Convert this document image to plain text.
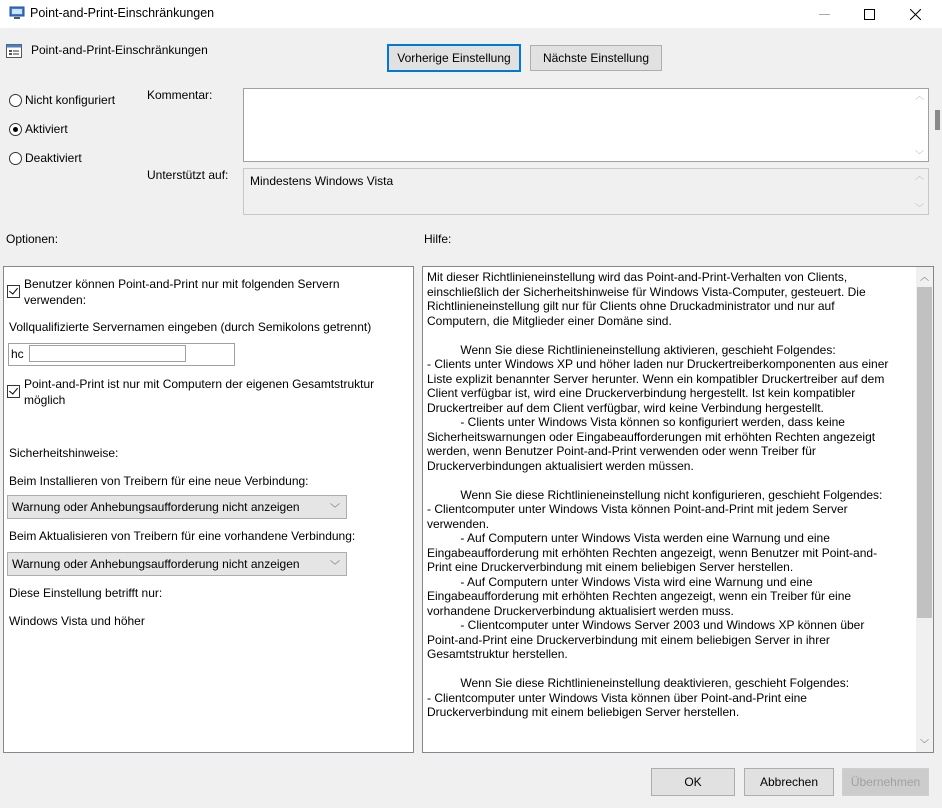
Point-and-Print-Einschränkungen
Point-and-Print-Einschränkungen
Vorherige Einstellung	Nächste Einstellung
Nicht konfiguriert
Aktiviert
Deaktiviert
Kommentar:	︿
﹀
Unterstützt auf:	Mindestens Windows Vista	︿
﹀
Optionen:	Hilfe:
Benutzer können Point-and-Print nur mit folgenden Servern verwenden:
Vollqualifizierte Servernamen eingeben (durch Semikolons getrennt)
hc
Point-and-Print ist nur mit Computern der eigenen Gesamtstruktur möglich
Sicherheitshinweise:
Beim Installieren von Treibern für eine neue Verbindung:
Warnung oder Anhebungsaufforderung nicht anzeigen	﹀
Beim Aktualisieren von Treibern für eine vorhandene Verbindung:
Warnung oder Anhebungsaufforderung nicht anzeigen	﹀
Diese Einstellung betrifft nur:
Windows Vista und höher
Mit dieser Richtlinieneinstellung wird das Point-and-Print-Verhalten von Clients,
einschließlich der Sicherheitshinweise für Windows Vista-Computer, gesteuert. Die
Richtlinieneinstellung gilt nur für Clients ohne Druckadministrator und nur auf
Computern, die Mitglieder einer Domäne sind.

Wenn Sie diese Richtlinieneinstellung aktivieren, geschieht Folgendes:
- Clients unter Windows XP und höher laden nur Druckertreiberkomponenten aus einer
Liste explizit benannter Server herunter. Wenn ein kompatibler Druckertreiber auf dem
Client verfügbar ist, wird eine Druckerverbindung hergestellt. Ist kein kompatibler
Druckertreiber auf dem Client verfügbar, wird keine Verbindung hergestellt.
- Clients unter Windows Vista können so konfiguriert werden, dass keine
Sicherheitswarnungen oder Eingabeaufforderungen mit erhöhten Rechten angezeigt
werden, wenn Benutzer Point-and-Print verwenden oder wenn Treiber für
Druckerverbindungen aktualisiert werden müssen.

Wenn Sie diese Richtlinieneinstellung nicht konfigurieren, geschieht Folgendes:
- Clientcomputer unter Windows Vista können Point-and-Print mit jedem Server
verwenden.
- Auf Computern unter Windows Vista werden eine Warnung und eine
Eingabeaufforderung mit erhöhten Rechten angezeigt, wenn Benutzer mit Point-and-
Print eine Druckerverbindung mit einem beliebigen Server herstellen.
- Auf Computern unter Windows Vista wird eine Warnung und eine
Eingabeaufforderung mit erhöhten Rechten angezeigt, wenn ein Treiber für eine
vorhandene Druckerverbindung aktualisiert werden muss.
- Clientcomputer unter Windows Server 2003 und Windows XP können über
Point-and-Print eine Druckerverbindung mit einem beliebigen Server in ihrer
Gesamtstruktur herstellen.

Wenn Sie diese Richtlinieneinstellung deaktivieren, geschieht Folgendes:
- Clientcomputer unter Windows Vista können über Point-and-Print eine
Druckerverbindung mit einem beliebigen Server herstellen.
︿
﹀
OK	Abbrechen	Übernehmen
